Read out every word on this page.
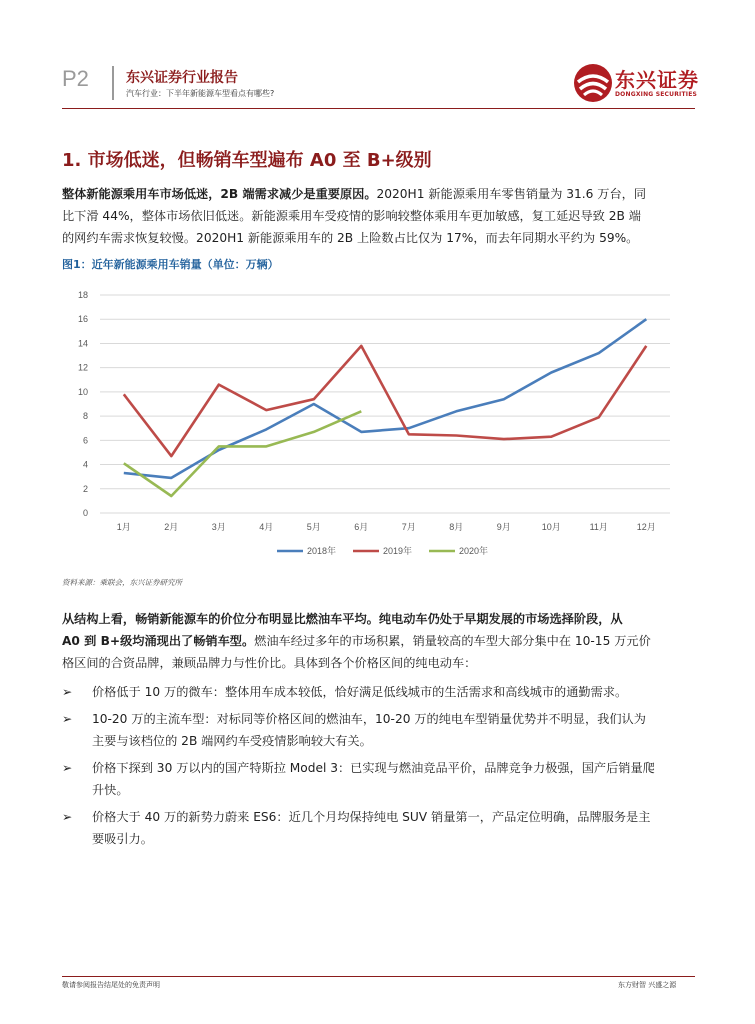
P2	东兴证券行业报告
汽车行业：下半年新能源车型看点有哪些?
东兴证券
DONGXING SECURITIES
1. 市场低迷，但畅销车型遍布 A0 至 B+级别
整体新能源乘用车市场低迷，2B 端需求减少是重要原因。2020H1 新能源乘用车零售销量为 31.6 万台，同
比下滑 44%，整体市场依旧低迷。新能源乘用车受疫情的影响较整体乘用车更加敏感，复工延迟导致 2B 端
的网约车需求恢复较慢。2020H1 新能源乘用车的 2B 上险数占比仅为 17%，而去年同期水平约为 59%。
图1：近年新能源乘用车销量（单位：万辆）
0
2
4
6
8
10
12
14
16
18
1月	2月	3月	4月	5月	6月	7月	8月	9月	10月	11月	12月
2018年	2019年	2020年
资料来源：乘联会，东兴证券研究所
从结构上看，畅销新能源车的价位分布明显比燃油车平均。纯电动车仍处于早期发展的市场选择阶段，从
A0 到 B+级均涌现出了畅销车型。燃油车经过多年的市场积累，销量较高的车型大部分集中在 10-15 万元价
格区间的合资品牌，兼顾品牌力与性价比。具体到各个价格区间的纯电动车：
➢	价格低于 10 万的微车：整体用车成本较低，恰好满足低线城市的生活需求和高线城市的通勤需求。
➢	10-20 万的主流车型：对标同等价格区间的燃油车，10-20 万的纯电车型销量优势并不明显，我们认为
主要与该档位的 2B 端网约车受疫情影响较大有关。
➢	价格下探到 30 万以内的国产特斯拉 Model 3：已实现与燃油竞品平价，品牌竞争力极强，国产后销量爬
升快。
➢	价格大于 40 万的新势力蔚来 ES6：近几个月均保持纯电 SUV 销量第一，产品定位明确，品牌服务是主
要吸引力。
敬请参阅报告结尾处的免责声明	东方财智 兴盛之源
